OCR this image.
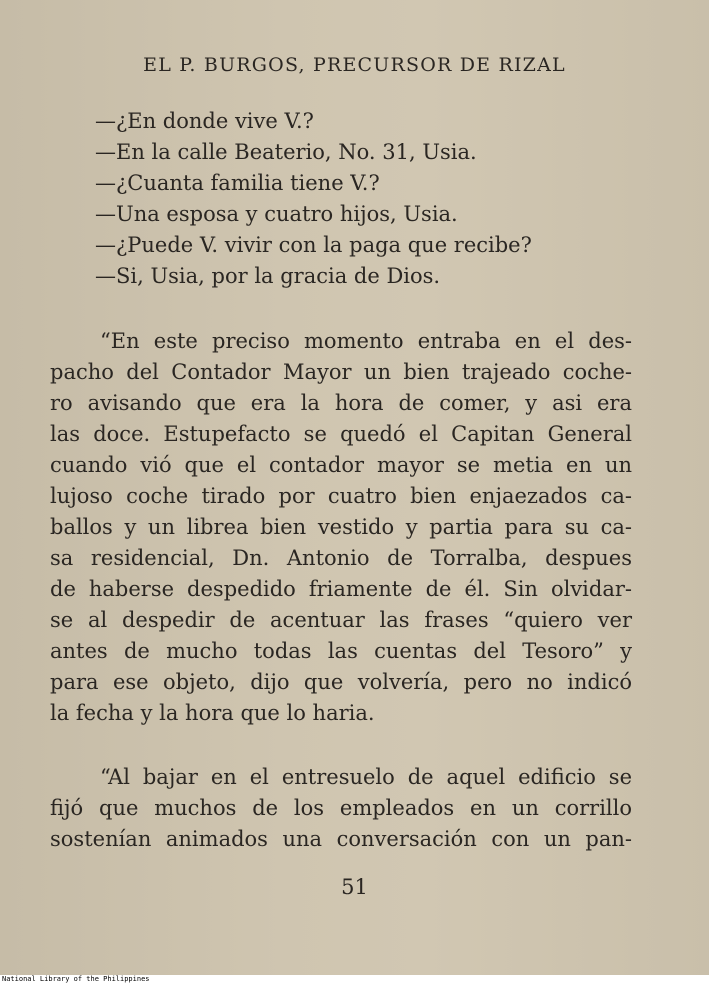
EL P. BURGOS, PRECURSOR DE RIZAL
—¿En donde vive V.?
—En la calle Beaterio, No. 31, Usia.
—¿Cuanta familia tiene V.?
—Una esposa y cuatro hijos, Usia.
—¿Puede V. vivir con la paga que recibe?
—Si, Usia, por la gracia de Dios.
“En este preciso momento entraba en el des-
pacho del Contador Mayor un bien trajeado coche-
ro avisando que era la hora de comer, y asi era
las doce. Estupefacto se quedó el Capitan General
cuando vió que el contador mayor se metia en un
lujoso coche tirado por cuatro bien enjaezados ca-
ballos y un librea bien vestido y partia para su ca-
sa residencial, Dn. Antonio de Torralba, despues
de haberse despedido friamente de él. Sin olvidar-
se al despedir de acentuar las frases “quiero ver
antes de mucho todas las cuentas del Tesoro” y
para ese objeto, dijo que volvería, pero no indicó
la fecha y la hora que lo haria.
“Al bajar en el entresuelo de aquel edificio se
fijó que muchos de los empleados en un corrillo
sostenían animados una conversación con un pan-
51
National Library of the Philippines
